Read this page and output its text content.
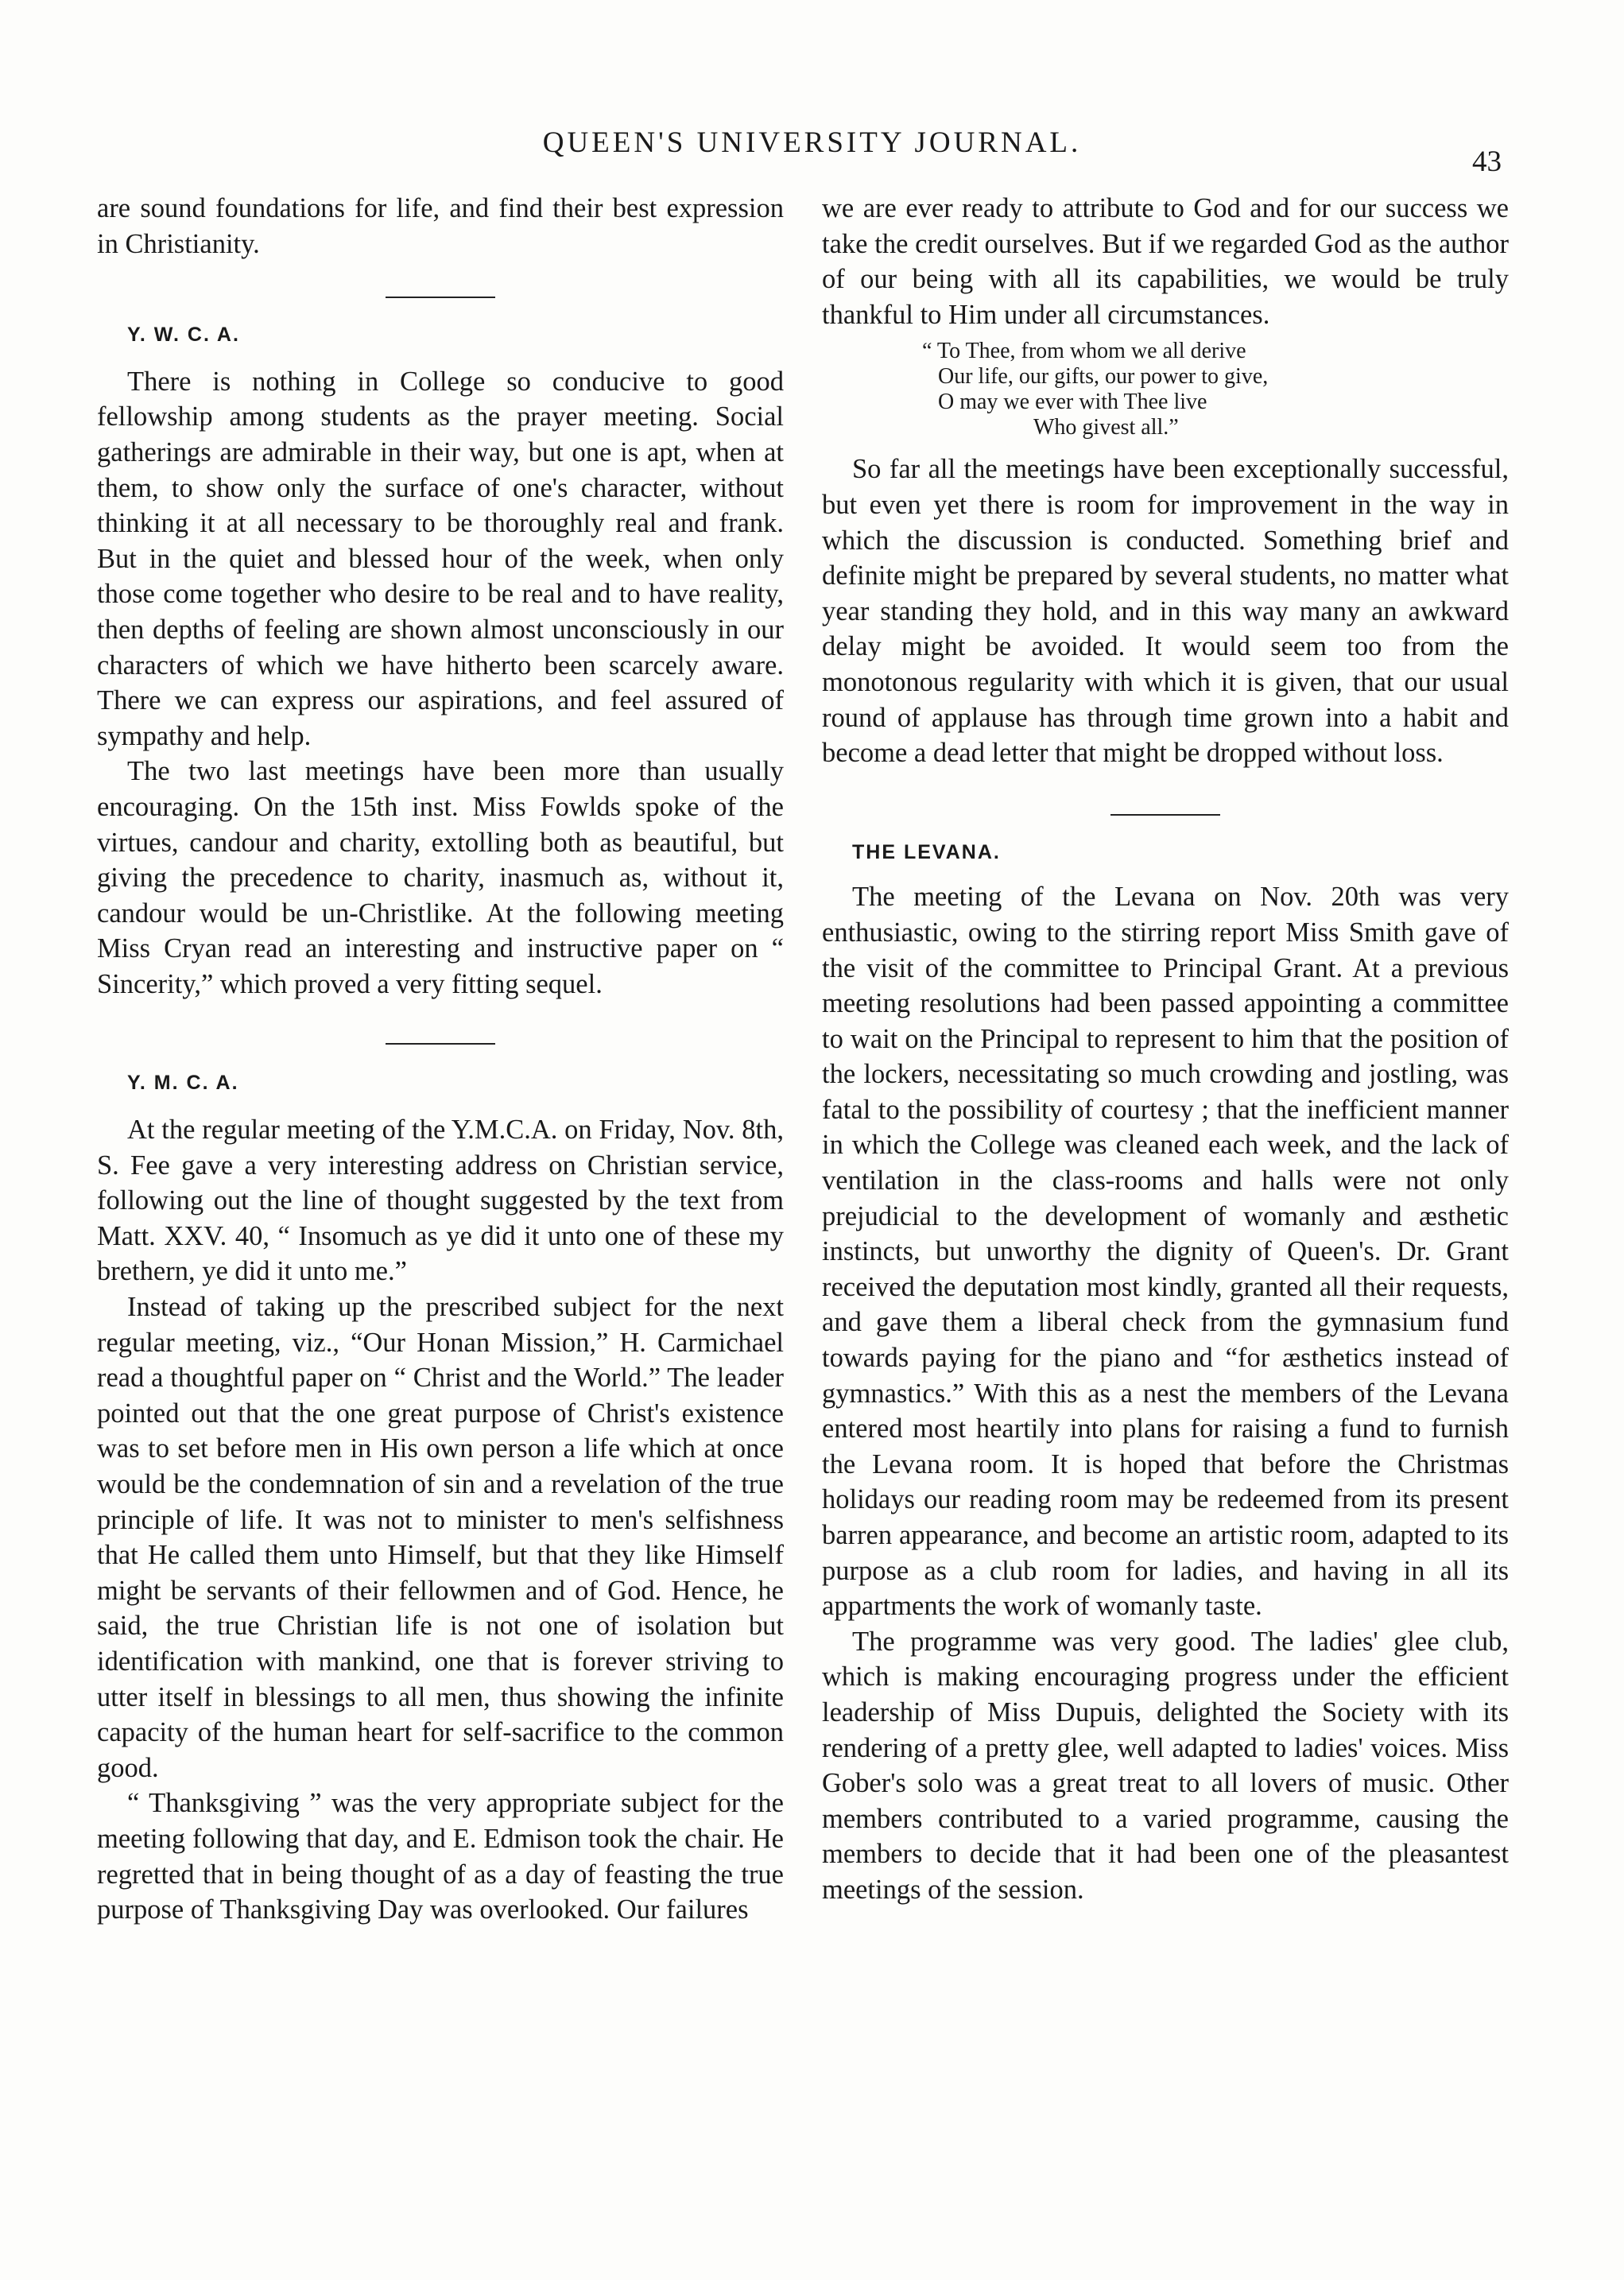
QUEEN'S UNIVERSITY JOURNAL.
43

are sound foundations for life, and find their best expression in Christianity.

Y. W. C. A.

There is nothing in College so conducive to good fellowship among students as the prayer meeting. Social gatherings are admirable in their way, but one is apt, when at them, to show only the surface of one's character, without thinking it at all necessary to be thoroughly real and frank. But in the quiet and blessed hour of the week, when only those come together who desire to be real and to have reality, then depths of feeling are shown almost unconsciously in our characters of which we have hitherto been scarcely aware. There we can express our aspirations, and feel assured of sympathy and help.

The two last meetings have been more than usually encouraging. On the 15th inst. Miss Fowlds spoke of the virtues, candour and charity, extolling both as beautiful, but giving the precedence to charity, inasmuch as, without it, candour would be un-Christlike. At the following meeting Miss Cryan read an interesting and instructive paper on “ Sincerity,” which proved a very fitting sequel.

Y. M. C. A.

At the regular meeting of the Y.M.C.A. on Friday, Nov. 8th, S. Fee gave a very interesting address on Christian service, following out the line of thought suggested by the text from Matt. XXV. 40, “ Insomuch as ye did it unto one of these my brethern, ye did it unto me.”

Instead of taking up the prescribed subject for the next regular meeting, viz., “Our Honan Mission,” H. Carmichael read a thoughtful paper on “ Christ and the World.” The leader pointed out that the one great purpose of Christ's existence was to set before men in His own person a life which at once would be the condemnation of sin and a revelation of the true principle of life. It was not to minister to men's selfishness that He called them unto Himself, but that they like Himself might be servants of their fellowmen and of God. Hence, he said, the true Christian life is not one of isolation but identification with mankind, one that is forever striving to utter itself in blessings to all men, thus showing the infinite capacity of the human heart for self-sacrifice to the common good.

“ Thanksgiving ” was the very appropriate subject for the meeting following that day, and E. Edmison took the chair. He regretted that in being thought of as a day of feasting the true purpose of Thanksgiving Day was overlooked. Our failures

we are ever ready to attribute to God and for our success we take the credit ourselves. But if we regarded God as the author of our being with all its capabilities, we would be truly thankful to Him under all circumstances.

“ To Thee, from whom we all derive
Our life, our gifts, our power to give,
O may we ever with Thee live
Who givest all.”

So far all the meetings have been exceptionally successful, but even yet there is room for improvement in the way in which the discussion is conducted. Something brief and definite might be prepared by several students, no matter what year standing they hold, and in this way many an awkward delay might be avoided. It would seem too from the monotonous regularity with which it is given, that our usual round of applause has through time grown into a habit and become a dead letter that might be dropped without loss.

THE LEVANA.

The meeting of the Levana on Nov. 20th was very enthusiastic, owing to the stirring report Miss Smith gave of the visit of the committee to Principal Grant. At a previous meeting resolutions had been passed appointing a committee to wait on the Principal to represent to him that the position of the lockers, necessitating so much crowding and jostling, was fatal to the possibility of courtesy ; that the inefficient manner in which the College was cleaned each week, and the lack of ventilation in the class-rooms and halls were not only prejudicial to the development of womanly and æsthetic instincts, but unworthy the dignity of Queen's. Dr. Grant received the deputation most kindly, granted all their requests, and gave them a liberal check from the gymnasium fund towards paying for the piano and “for æsthetics instead of gymnastics.” With this as a nest the members of the Levana entered most heartily into plans for raising a fund to furnish the Levana room. It is hoped that before the Christmas holidays our reading room may be redeemed from its present barren appearance, and become an artistic room, adapted to its purpose as a club room for ladies, and having in all its appartments the work of womanly taste.

The programme was very good. The ladies' glee club, which is making encouraging progress under the efficient leadership of Miss Dupuis, delighted the Society with its rendering of a pretty glee, well adapted to ladies' voices. Miss Gober's solo was a great treat to all lovers of music. Other members contributed to a varied programme, causing the members to decide that it had been one of the pleasantest meetings of the session.
